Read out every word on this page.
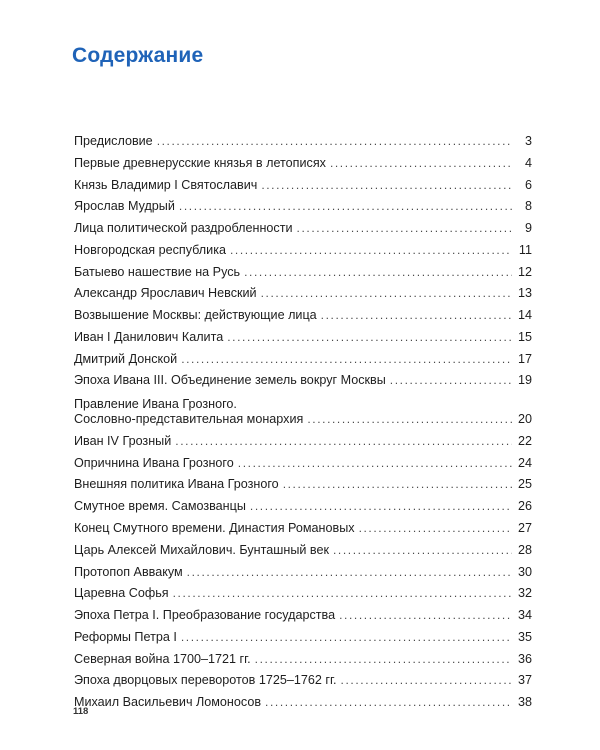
Содержание
Предисловие .....	3
Первые древнерусские князья в летописях .....	4
Князь Владимир I Святославич .....	6
Ярослав Мудрый .....	8
Лица политической раздробленности .....	9
Новгородская республика .....	11
Батыево нашествие на Русь .....	12
Александр Ярославич Невский .....	13
Возвышение Москвы: действующие лица .....	14
Иван I Данилович Калита .....	15
Дмитрий Донской .....	17
Эпоха Ивана III. Объединение земель вокруг Москвы .....	19
Правление Ивана Грозного.
Сословно-представительная монархия .....	20
Иван IV Грозный .....	22
Опричнина Ивана Грозного .....	24
Внешняя политика Ивана Грозного .....	25
Смутное время. Самозванцы .....	26
Конец Смутного времени. Династия Романовых .....	27
Царь Алексей Михайлович. Бунташный век .....	28
Протопоп Аввакум .....	30
Царевна Софья .....	32
Эпоха Петра I. Преобразование государства .....	34
Реформы Петра I .....	35
Северная война 1700–1721 гг. .....	36
Эпоха дворцовых переворотов 1725–1762 гг. .....	37
Михаил Васильевич Ломоносов .....	38
118
